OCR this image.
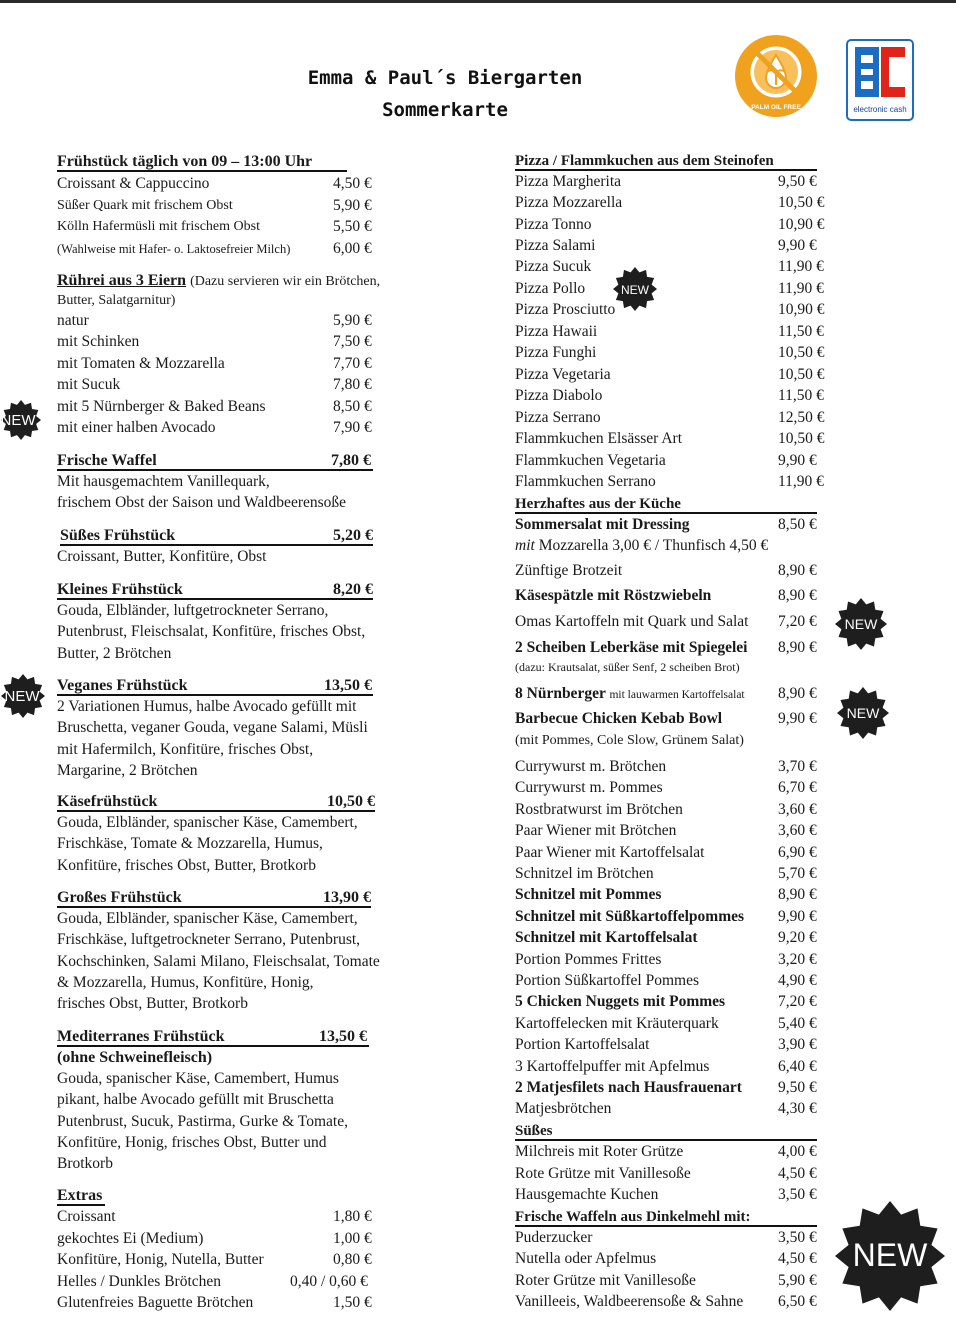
Emma & Paul´s Biergarten
Sommerkarte	PALM OIL FREE	electronic cash
Frühstück täglich von 09 – 13:00 Uhr
Croissant & Cappuccino	4,50 €
Süßer Quark mit frischem Obst	5,90 €
Kölln Hafermüsli mit frischem Obst	5,50 €
(Wahlweise mit Hafer- o. Laktosefreier Milch)	6,00 €
Rührei aus 3 Eiern (Dazu servieren wir ein Brötchen,
Butter, Salatgarnitur)
natur	5,90 €
mit Schinken	7,50 €
mit Tomaten & Mozzarella	7,70 €
mit Sucuk	7,80 €
mit 5 Nürnberger & Baked Beans	8,50 €
mit einer halben Avocado	7,90 €
Frische Waffel	7,80 €
Mit hausgemachtem Vanillequark,
frischem Obst der Saison und Waldbeerensoße
Süßes Frühstück	5,20 €
Croissant, Butter, Konfitüre, Obst
Kleines Frühstück	8,20 €
Gouda, Elbländer, luftgetrockneter Serrano,
Putenbrust, Fleischsalat, Konfitüre, frisches Obst,
Butter, 2 Brötchen
Veganes Frühstück	13,50 €
2 Variationen Humus, halbe Avocado gefüllt mit
Bruschetta, veganer Gouda, vegane Salami, Müsli
mit Hafermilch, Konfitüre, frisches Obst,
Margarine, 2 Brötchen
Käsefrühstück	10,50 €
Gouda, Elbländer, spanischer Käse, Camembert,
Frischkäse, Tomate & Mozzarella, Humus,
Konfitüre, frisches Obst, Butter, Brotkorb
Großes Frühstück	13,90 €
Gouda, Elbländer, spanischer Käse, Camembert,
Frischkäse, luftgetrockneter Serrano, Putenbrust,
Kochschinken, Salami Milano, Fleischsalat, Tomate
& Mozzarella, Humus, Konfitüre, Honig,
frisches Obst, Butter, Brotkorb
Mediterranes Frühstück	13,50 €
(ohne Schweinefleisch)
Gouda, spanischer Käse, Camembert, Humus
pikant, halbe Avocado gefüllt mit Bruschetta
Putenbrust, Sucuk, Pastirma, Gurke & Tomate,
Konfitüre, Honig, frisches Obst, Butter und
Brotkorb
Extras
Croissant	1,80 €
gekochtes Ei (Medium)	1,00 €
Konfitüre, Honig, Nutella, Butter	0,80 €
Helles / Dunkles Brötchen	0,40 / 0,60 €
Glutenfreies Baguette Brötchen	1,50 €
Pizza / Flammkuchen aus dem Steinofen
Pizza Margherita	9,50 €
Pizza Mozzarella	10,50 €
Pizza Tonno	10,90 €
Pizza Salami	9,90 €
Pizza Sucuk	11,90 €
Pizza Pollo	11,90 €
Pizza Prosciutto	10,90 €
Pizza Hawaii	11,50 €
Pizza Funghi	10,50 €
Pizza Vegetaria	10,50 €
Pizza Diabolo	11,50 €
Pizza Serrano	12,50 €
Flammkuchen Elsässer Art	10,50 €
Flammkuchen Vegetaria	9,90 €
Flammkuchen Serrano	11,90 €
Herzhaftes aus der Küche
Sommersalat mit Dressing	8,50 €
mit Mozzarella 3,00 € / Thunfisch 4,50 €
Zünftige Brotzeit	8,90 €
Käsespätzle mit Röstzwiebeln	8,90 €
Omas Kartoffeln mit Quark und Salat 7,20 €
2 Scheiben Leberkäse mit Spiegelei 8,90 €
(dazu: Krautsalat, süßer Senf, 2 scheiben Brot)
8 Nürnberger mit lauwarmen Kartoffelsalat 8,90 €
Barbecue Chicken Kebab Bowl	9,90 €
(mit Pommes, Cole Slow, Grünem Salat)
Currywurst m. Brötchen	3,70 €
Currywurst m. Pommes	6,70 €
Rostbratwurst im Brötchen	3,60 €
Paar Wiener mit Brötchen	3,60 €
Paar Wiener mit Kartoffelsalat	6,90 €
Schnitzel im Brötchen	5,70 €
Schnitzel mit Pommes	8,90 €
Schnitzel mit Süßkartoffelpommes 9,90 €
Schnitzel mit Kartoffelsalat	9,20 €
Portion Pommes Frittes	3,20 €
Portion Süßkartoffel Pommes	4,90 €
5 Chicken Nuggets mit Pommes	7,20 €
Kartoffelecken mit Kräuterquark	5,40 €
Portion Kartoffelsalat	3,90 €
3 Kartoffelpuffer mit Apfelmus	6,40 €
2 Matjesfilets nach Hausfrauenart 9,50 €
Matjesbrötchen	4,30 €
Süßes
Milchreis mit Roter Grütze	4,00 €
Rote Grütze mit Vanillesoße	4,50 €
Hausgemachte Kuchen	3,50 €
Frische Waffeln aus Dinkelmehl mit:
Puderzucker	3,50 €
Nutella oder Apfelmus	4,50 €
Roter Grütze mit Vanillesoße	5,90 €
Vanilleeis, Waldbeerensoße & Sahne 6,50 €
NEW
NEW
NEW
NEW
NEW
NEW
